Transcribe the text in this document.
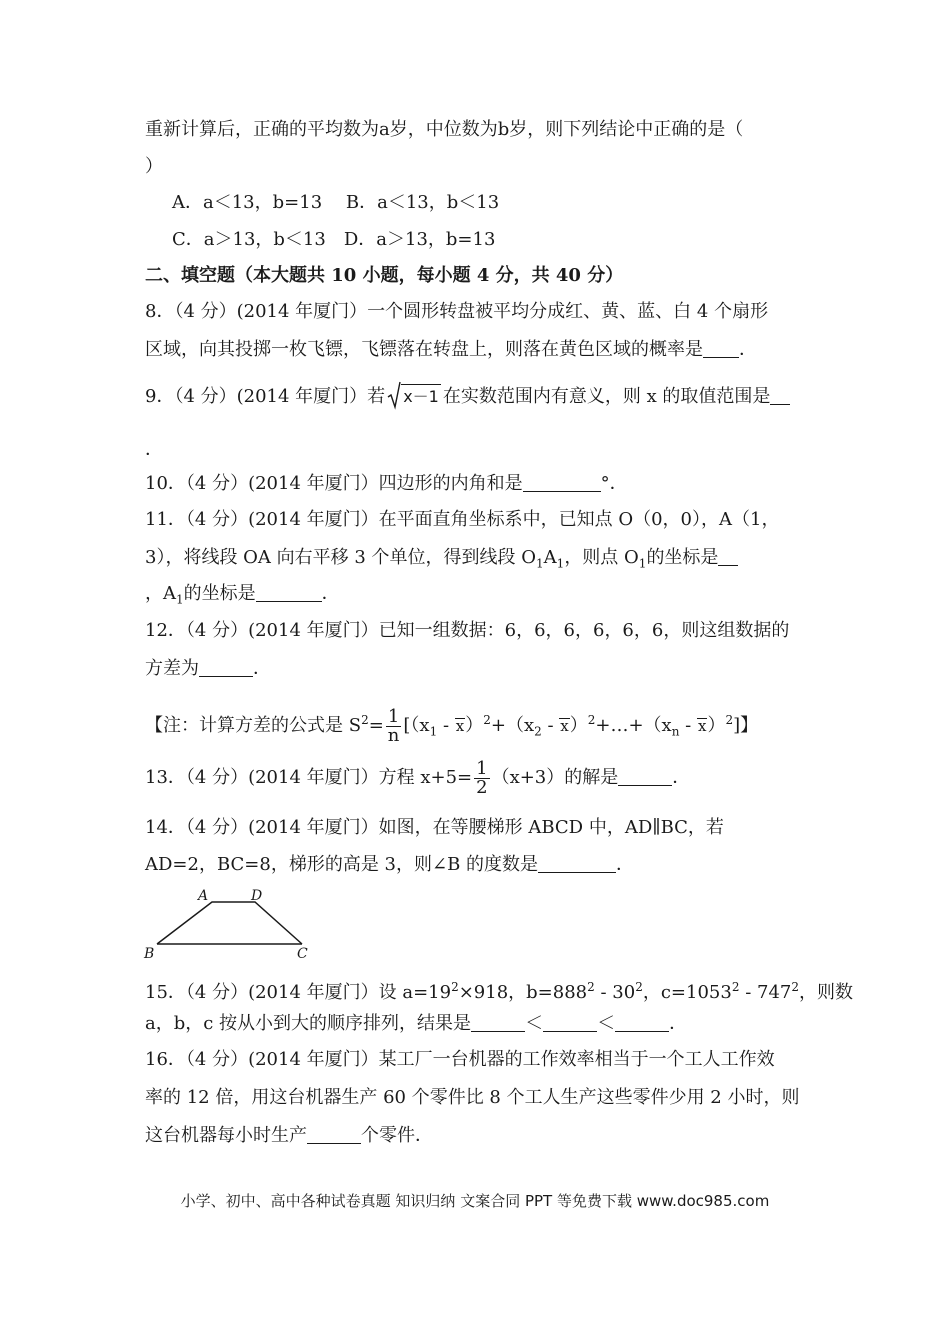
重新计算后，正确的平均数为a岁，中位数为b岁，则下列结论中正确的是（
）
A．a＜13，b=13　 B．a＜13，b＜13
C．a＞13，b＜13　D．a＞13，b=13
二、填空题（本大题共 10 小题，每小题 4 分，共 40 分）
8．（4 分）(2014 年厦门）一个圆形转盘被平均分成红、黄、蓝、白 4 个扇形
区域，向其投掷一枚飞镖，飞镖落在转盘上，则落在黄色区域的概率是 ．
9．（4 分）(2014 年厦门）若 x－1 在实数范围内有意义，则 x 的取值范围是
．
10．（4 分）(2014 年厦门）四边形的内角和是	°．
11．（4 分）(2014 年厦门）在平面直角坐标系中，已知点 O（0，0），A（1，
3），将线段 OA 向右平移 3 个单位，得到线段 $O_1A_1$，则点 $O_1$的坐标是
，$A_1$的坐标是	．
12．（4 分）(2014 年厦门）已知一组数据：6，6，6，6，6，6，则这组数据的
方差为	．
【注：计算方差的公式是 $S^2= \frac{1}{n} [(x_1 - x)^2+(x_2$ - $x)^2+\dots+(x_n - x)^2$]】
13．（4 分）(2014 年厦门）方程 $x+5= \frac{1}{2} (x+3)$的解是	．
14．（4 分）(2014 年厦门）如图，在等腰梯形 ABCD 中，AD∥BC，若
AD=2，BC=8，梯形的高是 3，则∠B 的度数是	．
A	D
B	C
15．（4 分）(2014 年厦门）设 $a=19^2\times 918$，$b=888^2 - 30^2$，$c=1053^2 - 747^2$，则数
a，b，c 按从小到大的顺序排列，结果是	＜	＜	．
16．（4 分）(2014 年厦门）某工厂一台机器的工作效率相当于一个工人工作效
率的 12 倍，用这台机器生产 60 个零件比 8 个工人生产这些零件少用 2 小时，则
这台机器每小时生产	个零件．
小学、初中、高中各种试卷真题 知识归纳 文案合同 PPT 等免费下载 www.doc985.com
